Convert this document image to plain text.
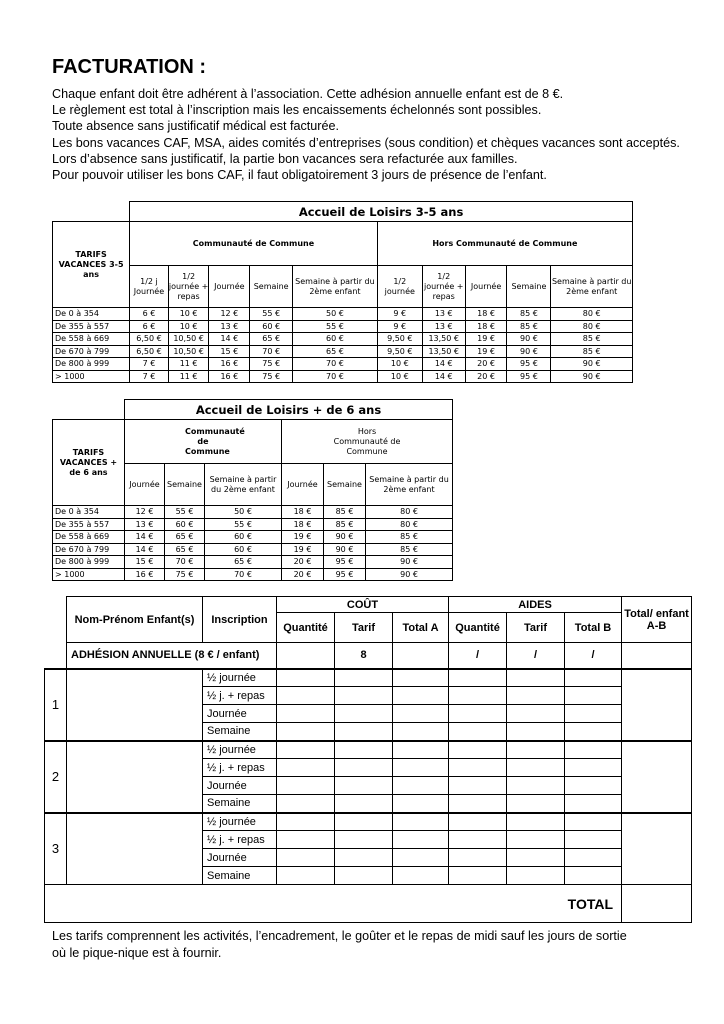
FACTURATION :

Chaque enfant doit être adhérent à l’association. Cette adhésion annuelle enfant est de 8 €.

Le règlement est total à l’inscription mais les encaissements échelonnés sont possibles.

Toute absence sans justificatif médical est facturée.

Les bons vacances CAF, MSA, aides comités d’entreprises (sous condition) et chèques vacances sont acceptés. Lors d’absence sans justificatif, la partie bon vacances sera refacturée aux familles.

Pour pouvoir utiliser les bons CAF, il faut obligatoirement 3 jours de présence de l’enfant.

	Accueil de Loisirs 3-5 ans									
TARIFS VACANCES 3-5 ans	Communauté de Commune					Hors Communauté de Commune				
	1/2 j Journée	1/2 journée + repas	Journée	Semaine	Semaine à partir du 2ème enfant	1/2 journée	1/2 journée + repas	Journée	Semaine	Semaine à partir du 2ème enfant
De 0 à 354	6 €	10 €	12 €	55 €	50 €	9 €	13 €	18 €	85 €	80 €
De 355 à 557	6 €	10 €	13 €	60 €	55 €	9 €	13 €	18 €	85 €	80 €
De 558 à 669	6,50 €	10,50 €	14 €	65 €	60 €	9,50 €	13,50 €	19 €	90 €	85 €
De 670 à 799	6,50 €	10,50 €	15 €	70 €	65 €	9,50 €	13,50 €	19 €	90 €	85 €
De 800 à 999	7 €	11 €	16 €	75 €	70 €	10 €	14 €	20 €	95 €	90 €
> 1000	7 €	11 €	16 €	75 €	70 €	10 €	14 €	20 €	95 €	90 €
	Accueil de Loisirs + de 6 ans					
TARIFS VACANCES + de 6 ans	Communauté de Commune			Hors Communauté de Commune		
	Journée	Semaine	Semaine à partir du 2ème enfant	Journée	Semaine	Semaine à partir du 2ème enfant
De 0 à 354	12 €	55 €	50 €	18 €	85 €	80 €
De 355 à 557	13 €	60 €	55 €	18 €	85 €	80 €
De 558 à 669	14 €	65 €	60 €	19 €	90 €	85 €
De 670 à 799	14 €	65 €	60 €	19 €	90 €	85 €
De 800 à 999	15 €	70 €	65 €	20 €	95 €	90 €
> 1000	16 €	75 €	70 €	20 €	95 €	90 €
	Nom-Prénom Enfant(s)	Inscription	COÛT			AIDES			Total/ enfant A-B
			Quantité	Tarif	Total A	Quantité	Tarif	Total B	
	ADHÉSION ANNUELLE (8 € / enfant)			8		/	/	/	
1		½ journée							
		½ j. + repas							
		Journée							
		Semaine							
2		½ journée							
		½ j. + repas							
		Journée							
		Semaine							
3		½ journée							
		½ j. + repas							
		Journée							
		Semaine							
TOTAL									

Les tarifs comprennent les activités, l’encadrement, le goûter et le repas de midi sauf les jours de sortie

où le pique-nique est à fournir.
